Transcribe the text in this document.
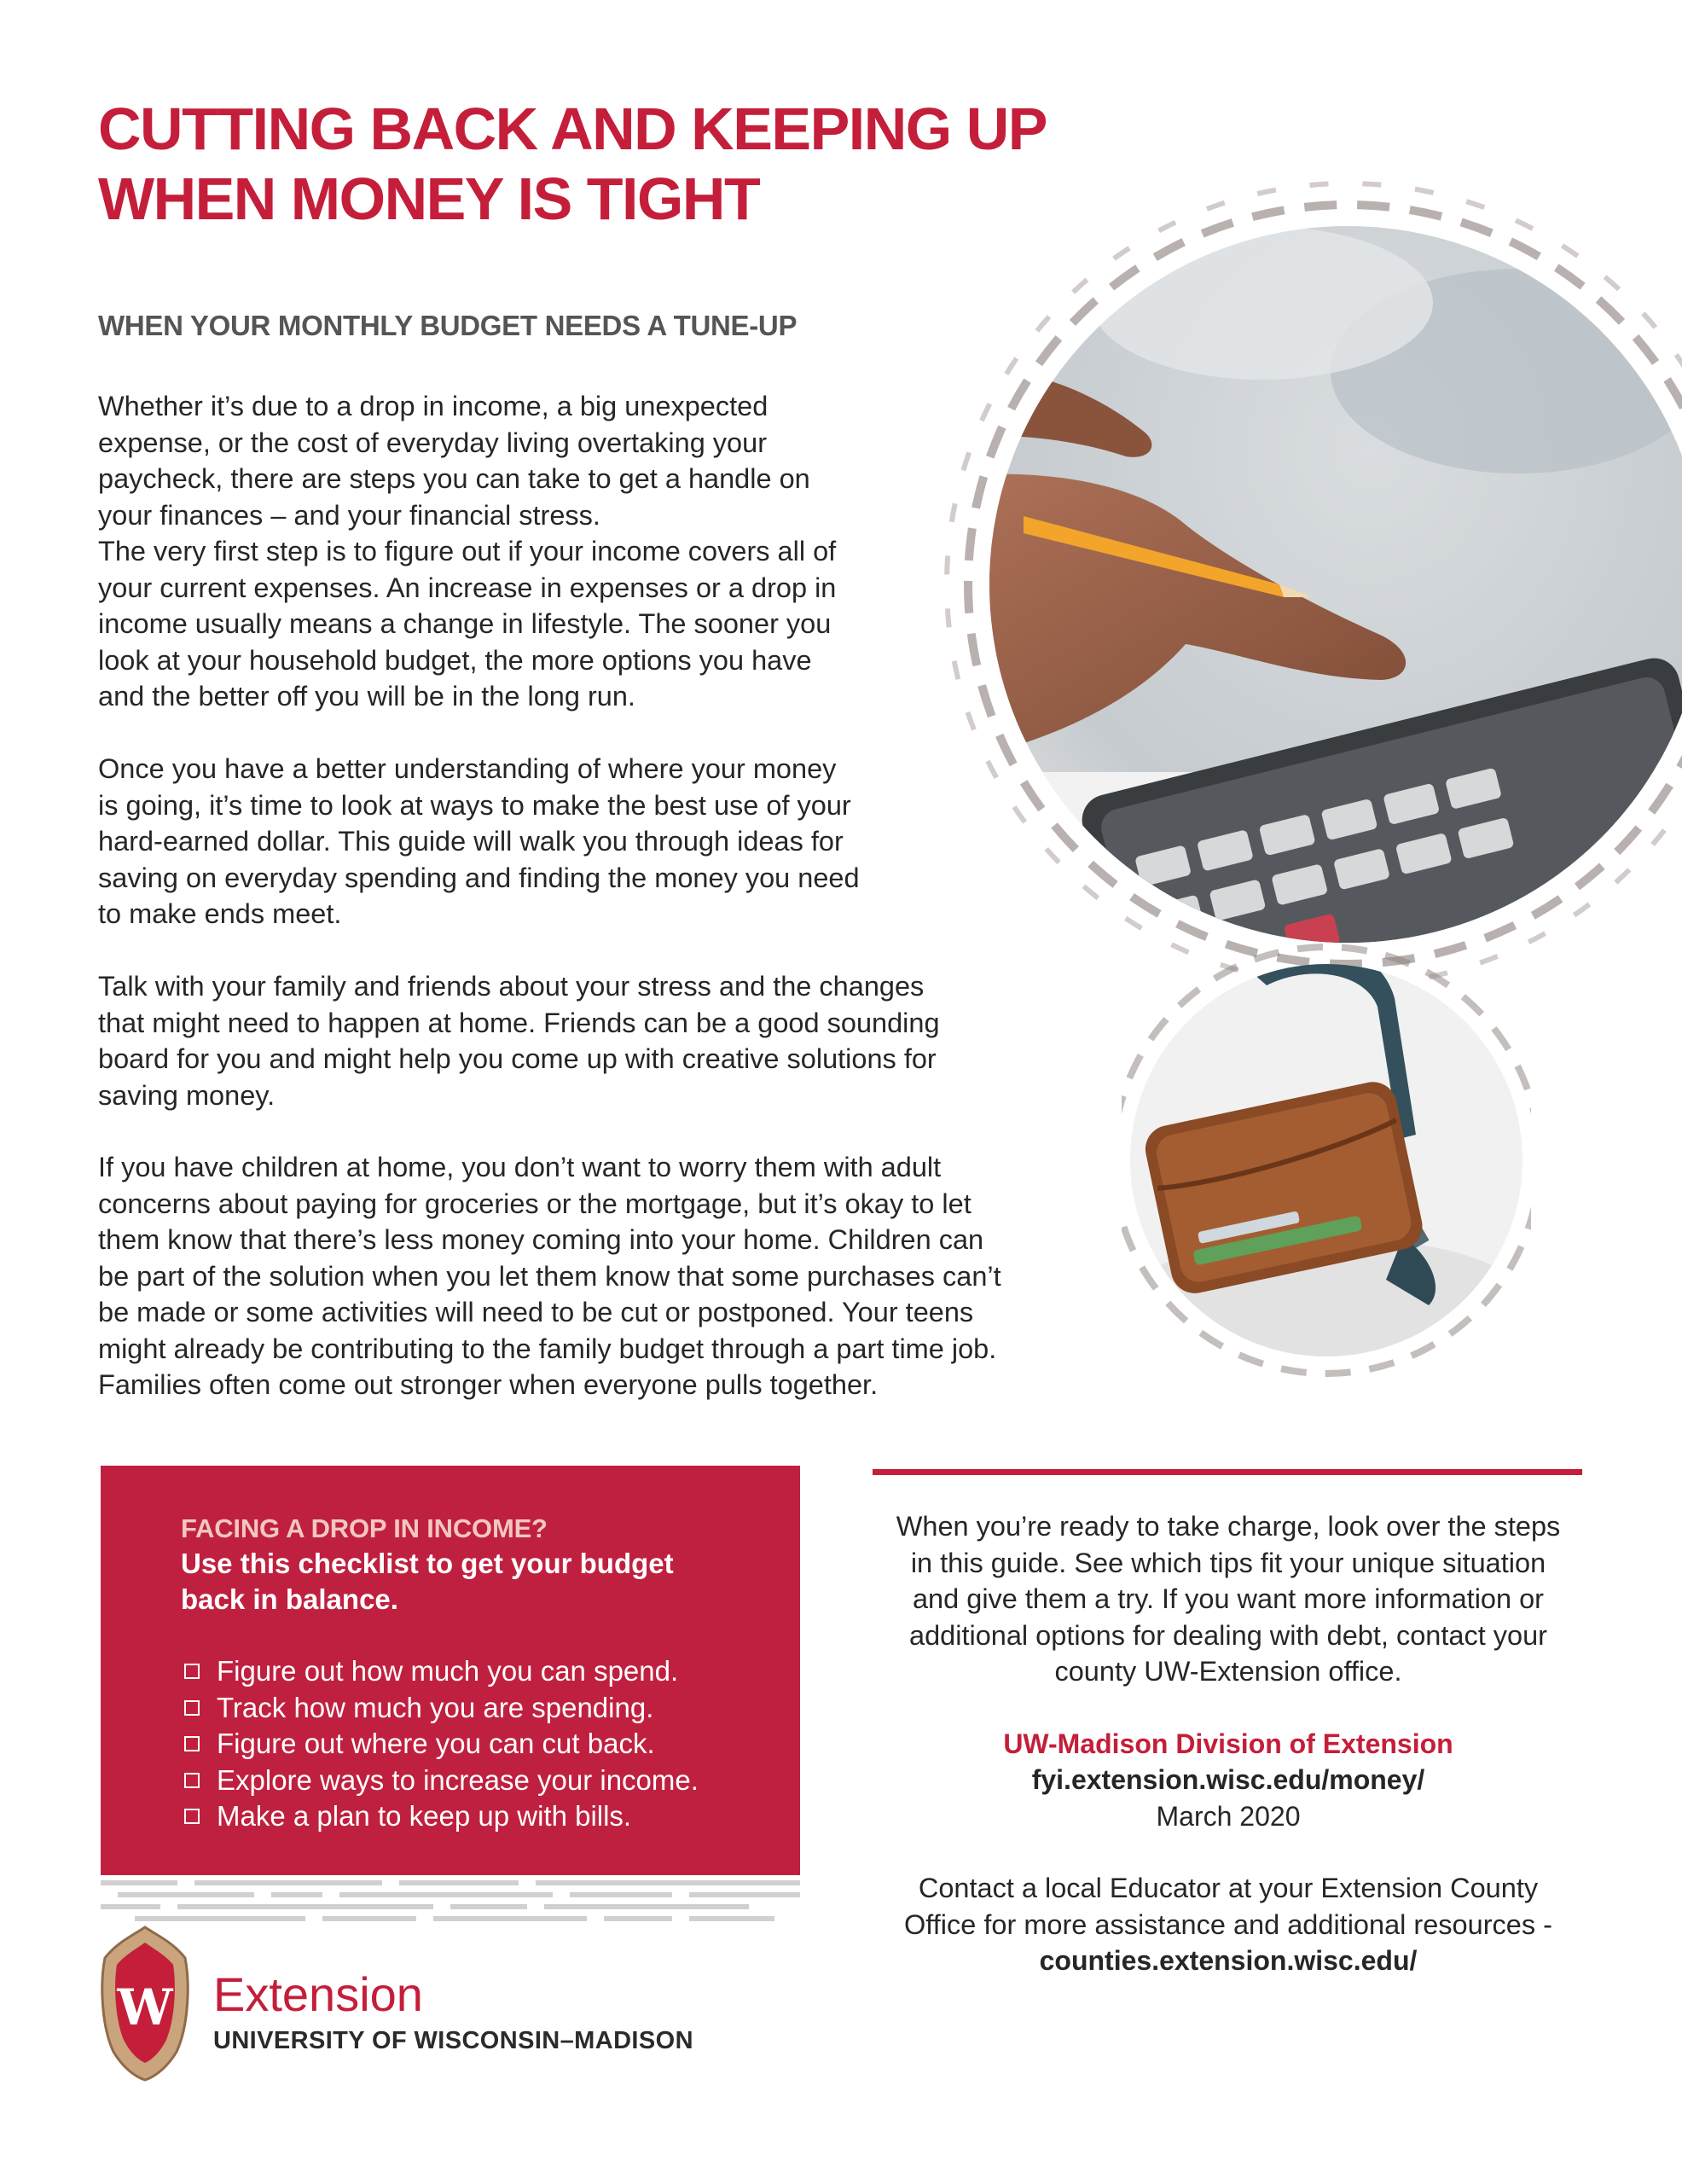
CUTTING BACK AND KEEPING UP
WHEN MONEY IS TIGHT
WHEN YOUR MONTHLY BUDGET NEEDS A TUNE-UP

Whether it’s due to a drop in income, a big unexpected
expense, or the cost of everyday living overtaking your
paycheck, there are steps you can take to get a handle on
your finances – and your financial stress.
The very first step is to figure out if your income covers all of
your current expenses. An increase in expenses or a drop in
income usually means a change in lifestyle. The sooner you
look at your household budget, the more options you have
and the better off you will be in the long run.

Once you have a better understanding of where your money
is going, it’s time to look at ways to make the best use of your
hard-earned dollar. This guide will walk you through ideas for
saving on everyday spending and finding the money you need
to make ends meet.

Talk with your family and friends about your stress and the changes
that might need to happen at home. Friends can be a good sounding
board for you and might help you come up with creative solutions for
saving money.

If you have children at home, you don’t want to worry them with adult
concerns about paying for groceries or the mortgage, but it’s okay to let
them know that there’s less money coming into your home. Children can
be part of the solution when you let them know that some purchases can’t
be made or some activities will need to be cut or postponed. Your teens
might already be contributing to the family budget through a part time job.
Families often come out stronger when everyone pulls together.

FACING A DROP IN INCOME?

Use this checklist to get your budget
back in balance.

Figure out how much you can spend.
Track how much you are spending.
Figure out where you can cut back.
Explore ways to increase your income.
Make a plan to keep up with bills.

When you’re ready to take charge, look over the steps
in this guide. See which tips fit your unique situation
and give them a try. If you want more information or
additional options for dealing with debt, contact your
county UW-Extension office.

UW-Madison Division of Extension

fyi.extension.wisc.edu/money/

March 2020

Contact a local Educator at your Extension County
Office for more assistance and additional resources -

counties.extension.wisc.edu/

W Extension

UNIVERSITY OF WISCONSIN–MADISON
